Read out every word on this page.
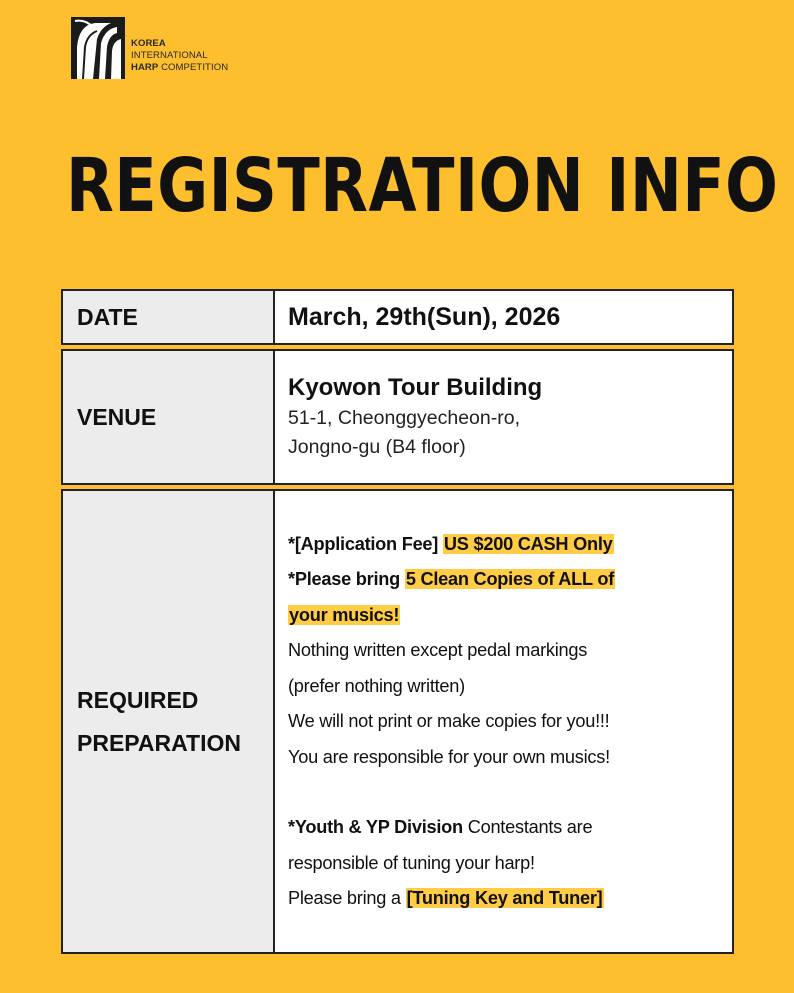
KOREA
INTERNATIONAL
HARP COMPETITION
REGISTRATION INFO
DATE	March, 29th(Sun), 2026
VENUE
Kyowon Tour Building
51-1, Cheonggyecheon-ro,
Jongno-gu (B4 floor)
REQUIRED
PREPARATION
*[Application Fee] US $200 CASH Only
*Please bring 5 Clean Copies of ALL of
your musics!
Nothing written except pedal markings
(prefer nothing written)
We will not print or make copies for you!!!
You are responsible for your own musics!
*Youth & YP Division Contestants are
responsible of tuning your harp!
Please bring a [Tuning Key and Tuner]
